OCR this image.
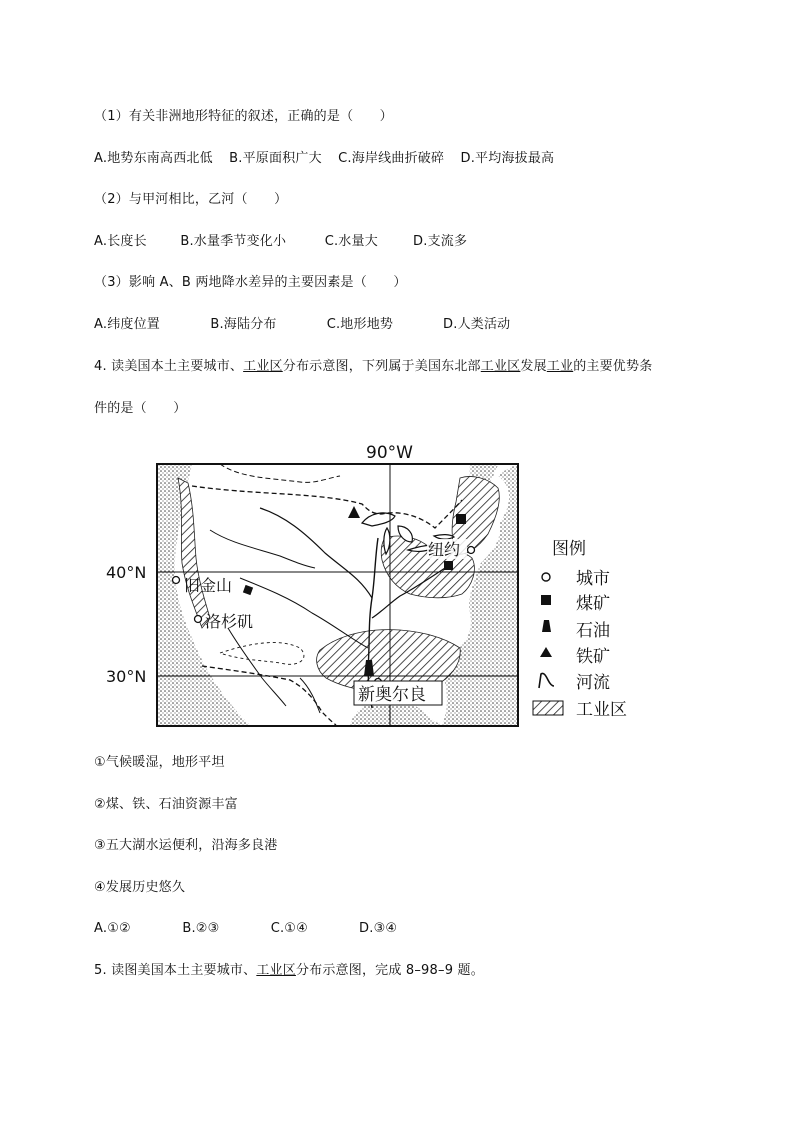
（1）有关非洲地形特征的叙述，正确的是（　　）
A.地势东南高西北低 B.平原面积广大 C.海岸线曲折破碎 D.平均海拔最高
（2）与甲河相比，乙河（　　）
A.长度长	B.水量季节变化小	C.水量大	D.支流多
（3）影响 A、B 两地降水差异的主要因素是（　　）
A.纬度位置	B.海陆分布	C.地形地势	D.人类活动
4. 读美国本土主要城市、工业区分布示意图，下列属于美国东北部工业区发展工业的主要优势条
件的是（　　）
90°W
40°N
30°N
旧金山
洛杉矶
纽约
新奥尔良
图例
城市
煤矿
石油
铁矿
河流
工业区
①气候暖湿，地形平坦
②煤、铁、石油资源丰富
③五大湖水运便利，沿海多良港
④发展历史悠久
A.①②	B.②③	C.①④	D.③④
5. 读图美国本土主要城市、工业区分布示意图，完成 8–98–9 题。
